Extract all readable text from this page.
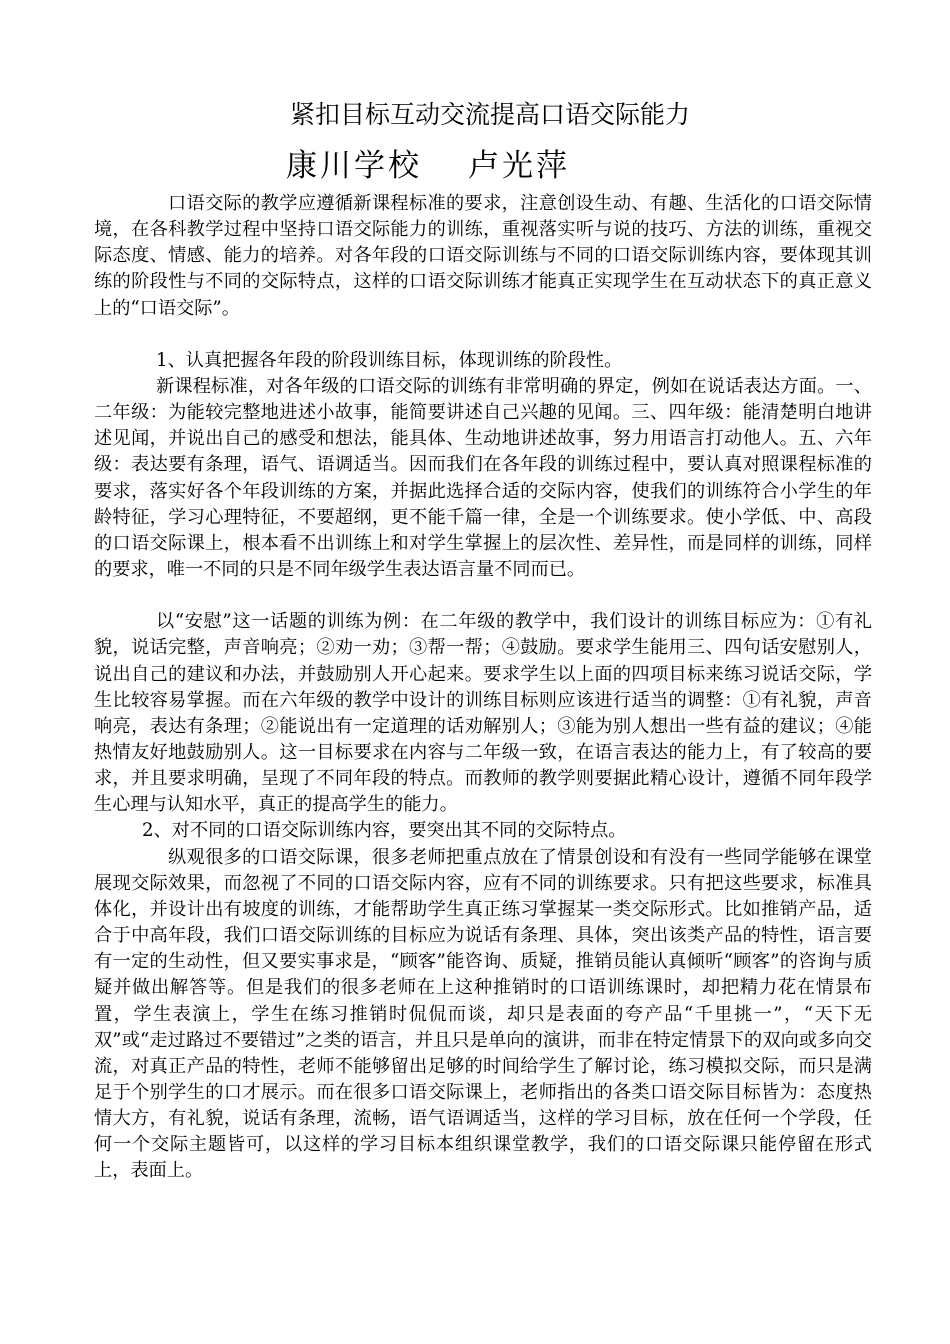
紧扣目标互动交流提高口语交际能力
康川学校 卢光萍

口语交际的教学应遵循新课程标准的要求，注意创设生动、有趣、生活化的口语交际情境，在各科教学过程中坚持口语交际能力的训练，重视落实听与说的技巧、方法的训练，重视交际态度、情感、能力的培养。对各年段的口语交际训练与不同的口语交际训练内容，要体现其训练的阶段性与不同的交际特点，这样的口语交际训练才能真正实现学生在互动状态下的真正意义上的“口语交际”。

1、认真把握各年段的阶段训练目标，体现训练的阶段性。

新课程标准，对各年级的口语交际的训练有非常明确的界定，例如在说话表达方面。一、二年级：为能较完整地进述小故事，能简要讲述自己兴趣的见闻。三、四年级：能清楚明白地讲述见闻，并说出自己的感受和想法，能具体、生动地讲述故事，努力用语言打动他人。五、六年级：表达要有条理，语气、语调适当。因而我们在各年段的训练过程中，要认真对照课程标准的要求，落实好各个年段训练的方案，并据此选择合适的交际内容，使我们的训练符合小学生的年龄特征，学习心理特征，不要超纲，更不能千篇一律，全是一个训练要求。使小学低、中、高段的口语交际课上，根本看不出训练上和对学生掌握上的层次性、差异性，而是同样的训练，同样的要求，唯一不同的只是不同年级学生表达语言量不同而已。

以“安慰”这一话题的训练为例：在二年级的教学中，我们设计的训练目标应为：①有礼貌，说话完整，声音响亮；②劝一劝；③帮一帮；④鼓励。要求学生能用三、四句话安慰别人，说出自己的建议和办法，并鼓励别人开心起来。要求学生以上面的四项目标来练习说话交际，学生比较容易掌握。而在六年级的教学中设计的训练目标则应该进行适当的调整：①有礼貌，声音响亮，表达有条理；②能说出有一定道理的话劝解别人；③能为别人想出一些有益的建议；④能热情友好地鼓励别人。这一目标要求在内容与二年级一致，在语言表达的能力上，有了较高的要求，并且要求明确，呈现了不同年段的特点。而教师的教学则要据此精心设计，遵循不同年段学生心理与认知水平，真正的提高学生的能力。

2、对不同的口语交际训练内容，要突出其不同的交际特点。

纵观很多的口语交际课，很多老师把重点放在了情景创设和有没有一些同学能够在课堂展现交际效果，而忽视了不同的口语交际内容，应有不同的训练要求。只有把这些要求，标准具体化，并设计出有坡度的训练，才能帮助学生真正练习掌握某一类交际形式。比如推销产品，适合于中高年段，我们口语交际训练的目标应为说话有条理、具体，突出该类产品的特性，语言要有一定的生动性，但又要实事求是，“顾客”能咨询、质疑，推销员能认真倾听“顾客”的咨询与质疑并做出解答等。但是我们的很多老师在上这种推销时的口语训练课时，却把精力花在情景布置，学生表演上，学生在练习推销时侃侃而谈，却只是表面的夸产品“千里挑一”，“天下无双”或“走过路过不要错过”之类的语言，并且只是单向的演讲，而非在特定情景下的双向或多向交流，对真正产品的特性，老师不能够留出足够的时间给学生了解讨论，练习模拟交际，而只是满足于个别学生的口才展示。而在很多口语交际课上，老师指出的各类口语交际目标皆为：态度热情大方，有礼貌，说话有条理，流畅，语气语调适当，这样的学习目标，放在任何一个学段，任何一个交际主题皆可，以这样的学习目标本组织课堂教学，我们的口语交际课只能停留在形式上，表面上。
